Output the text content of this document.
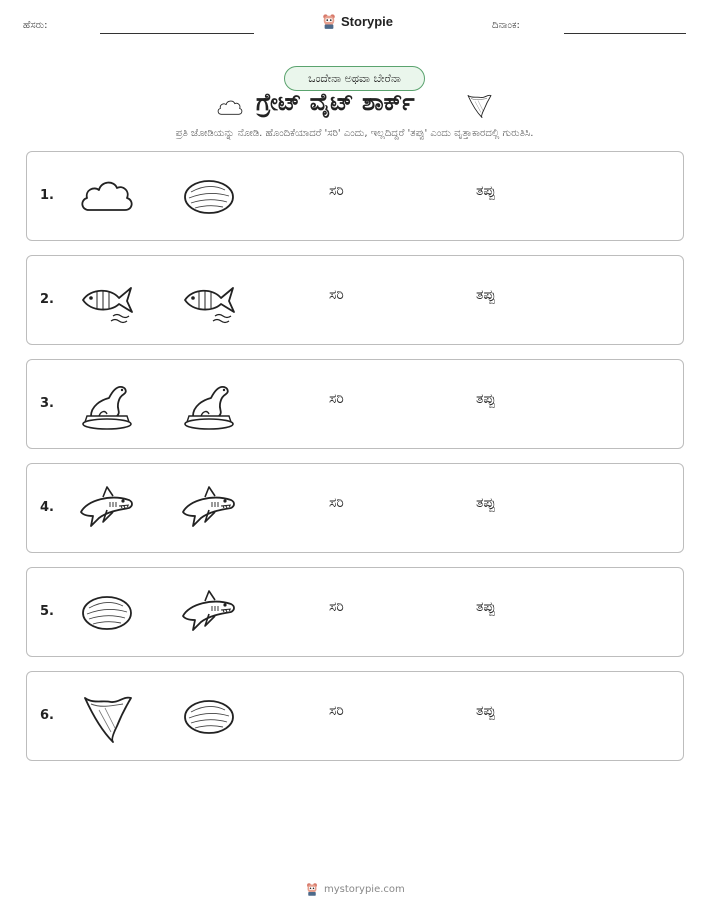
ಹೆಸರು:	Storypie	ದಿನಾಂಕ:
ಒಂದೇನಾ ಅಥವಾ ಬೇರೆನಾ
ಗ್ರೇಟ್ ವೈಟ್ ಶಾರ್ಕ್
ಪ್ರತಿ ಜೋಡಿಯನ್ನು ನೋಡಿ. ಹೊಂದಿಕೆಯಾದರೆ 'ಸರಿ' ಎಂದು, ಇಲ್ಲದಿದ್ದರೆ 'ತಪ್ಪು' ಎಂದು ವೃತ್ತಾಕಾರದಲ್ಲಿ ಗುರುತಿಸಿ.
1.	ಸರಿ	ತಪ್ಪು
2.	ಸರಿ	ತಪ್ಪು
3.	ಸರಿ	ತಪ್ಪು
4.	ಸರಿ	ತಪ್ಪು
5.	ಸರಿ	ತಪ್ಪು
6.	ಸರಿ	ತಪ್ಪು
mystorypie.com
